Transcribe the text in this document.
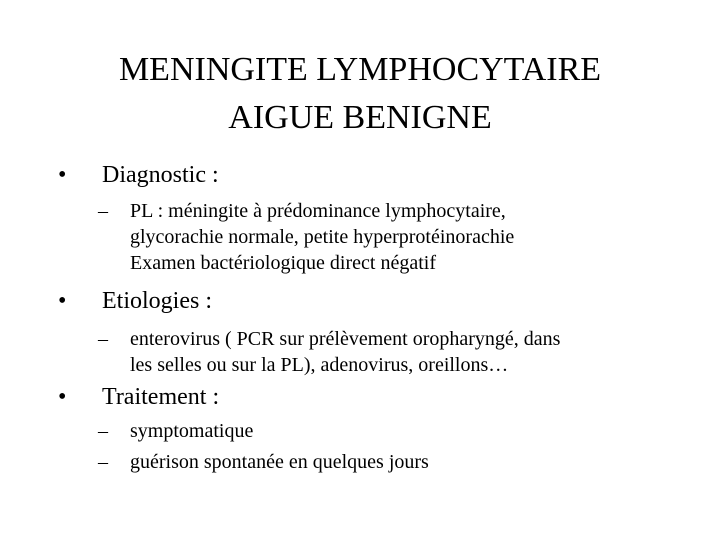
MENINGITE LYMPHOCYTAIRE
AIGUE BENIGNE
• Diagnostic :
– PL : méningite à prédominance lymphocytaire,
glycorachie normale, petite hyperprotéinorachie
Examen bactériologique direct négatif
• Etiologies :
– enterovirus ( PCR sur prélèvement oropharyngé, dans
les selles ou sur la PL), adenovirus, oreillons…
• Traitement :
– symptomatique
– guérison spontanée en quelques jours
